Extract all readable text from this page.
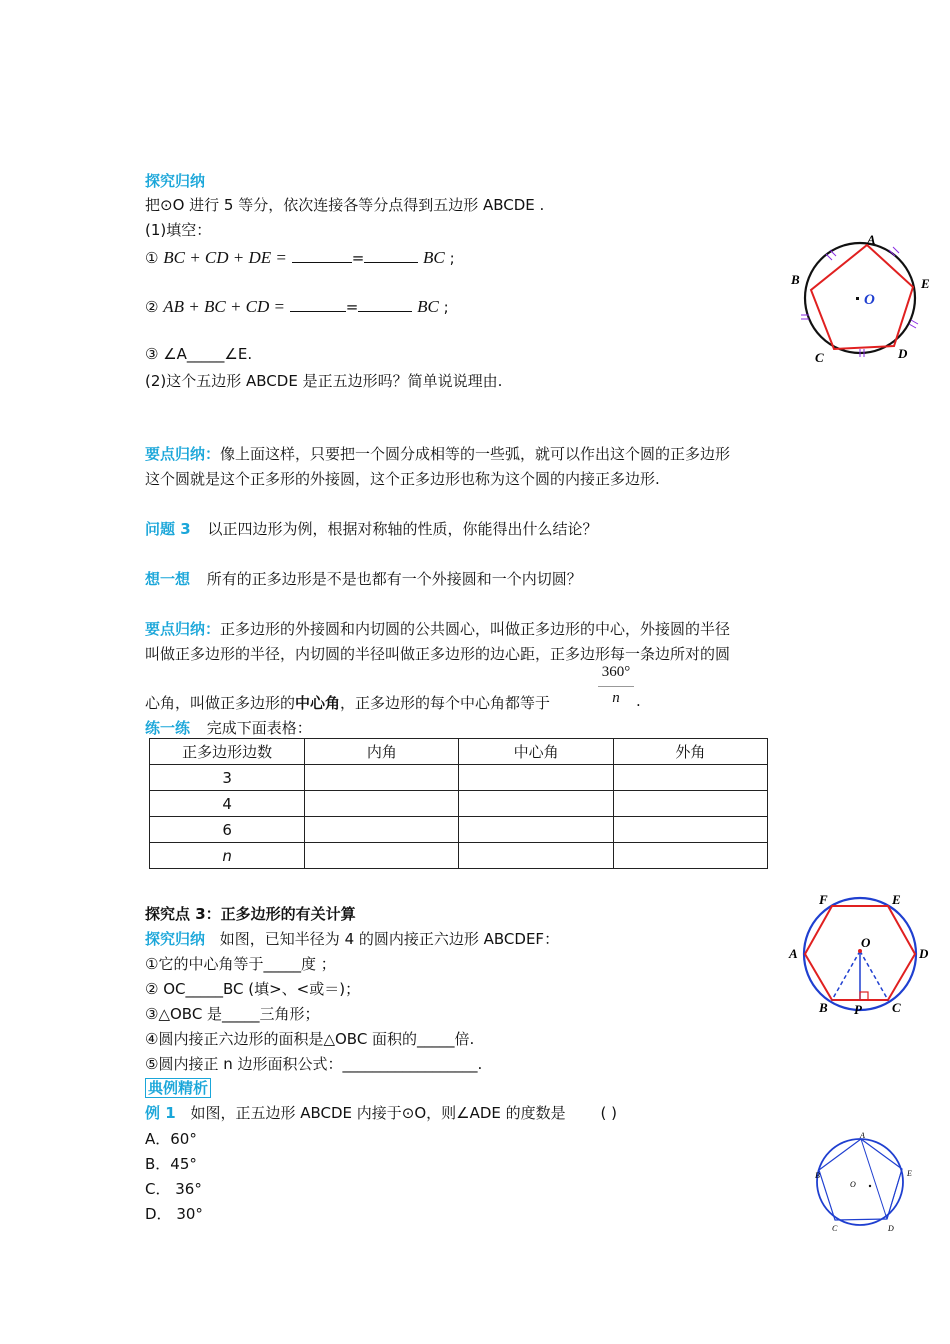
探究归纳
把⊙O 进行 5 等分，依次连接各等分点得到五边形 ABCDE .
(1)填空：
① BC + CD + DE =	=	BC ;
② AB + BC + CD =	=	BC ;
③ ∠A_____∠E.
(2)这个五边形 ABCDE 是正五边形吗？简单说说理由.
A
B
C	D
E
O
要点归纳：像上面这样，只要把一个圆分成相等的一些弧，就可以作出这个圆的正多边形
这个圆就是这个正多形的外接圆，这个正多边形也称为这个圆的内接正多边形.
问题 3 以正四边形为例，根据对称轴的性质，你能得出什么结论？
想一想 所有的正多边形是不是也都有一个外接圆和一个内切圆？
要点归纳：正多边形的外接圆和内切圆的公共圆心，叫做正多边形的中心，外接圆的半径
叫做正多边形的半径，内切圆的半径叫做正多边形的边心距，正多边形每一条边所对的圆
心角，叫做正多边形的中心角，正多边形的每个中心角都等于
360°
n	.
练一练 完成下面表格：
正多边形边数	内角	中心角	外角
3			
4			
6			
n			
探究点 3：正多边形的有关计算
探究归纳 如图，已知半径为 4 的圆内接正六边形 ABCDEF：
①它的中心角等于_____度 ；
② OC_____BC (填>、<或＝)；
③△OBC 是_____三角形；
④圆内接正六边形的面积是△OBC 面积的_____倍.
⑤圆内接正 n 边形面积公式：__________________.
A
B	C
D
E
F
O
P
典例精析
例 1 如图，正五边形 ABCDE 内接于⊙O，则∠ADE 的度数是 ( )
A．60°
B．45°
C． 36°
D． 30°
A
B
C	D
E
O
